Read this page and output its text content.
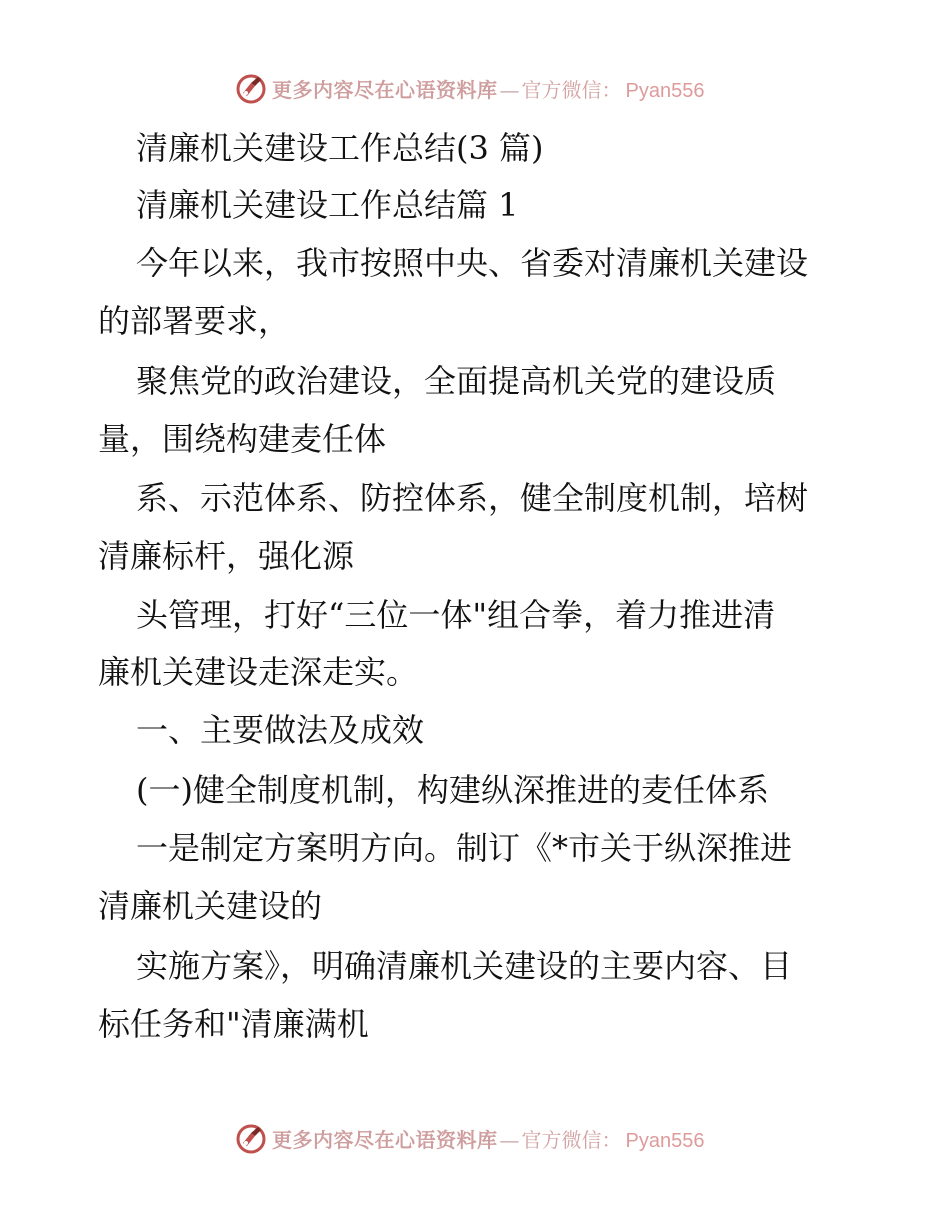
更多内容尽在心语资料库 — 官方微信： Pyan556
清廉机关建设工作总结(3 篇)
清廉机关建设工作总结篇 1
今年以来，我市按照中央、省委对清廉机关建设
的部署要求，
聚焦党的政治建设，全面提高机关党的建设质
量，围绕构建麦任体
系、示范体系、防控体系，健全制度机制，培树
清廉标杆，强化源
头管理，打好“三位一体"组合拳，着力推进清
廉机关建设走深走实。
一、主要做法及成效
(一)健全制度机制，构建纵深推进的麦任体系
一是制定方案明方向。制订《*市关于纵深推进
清廉机关建设的
实施方案》，明确清廉机关建设的主要内容、目
标任务和"清廉满机
更多内容尽在心语资料库 — 官方微信： Pyan556
